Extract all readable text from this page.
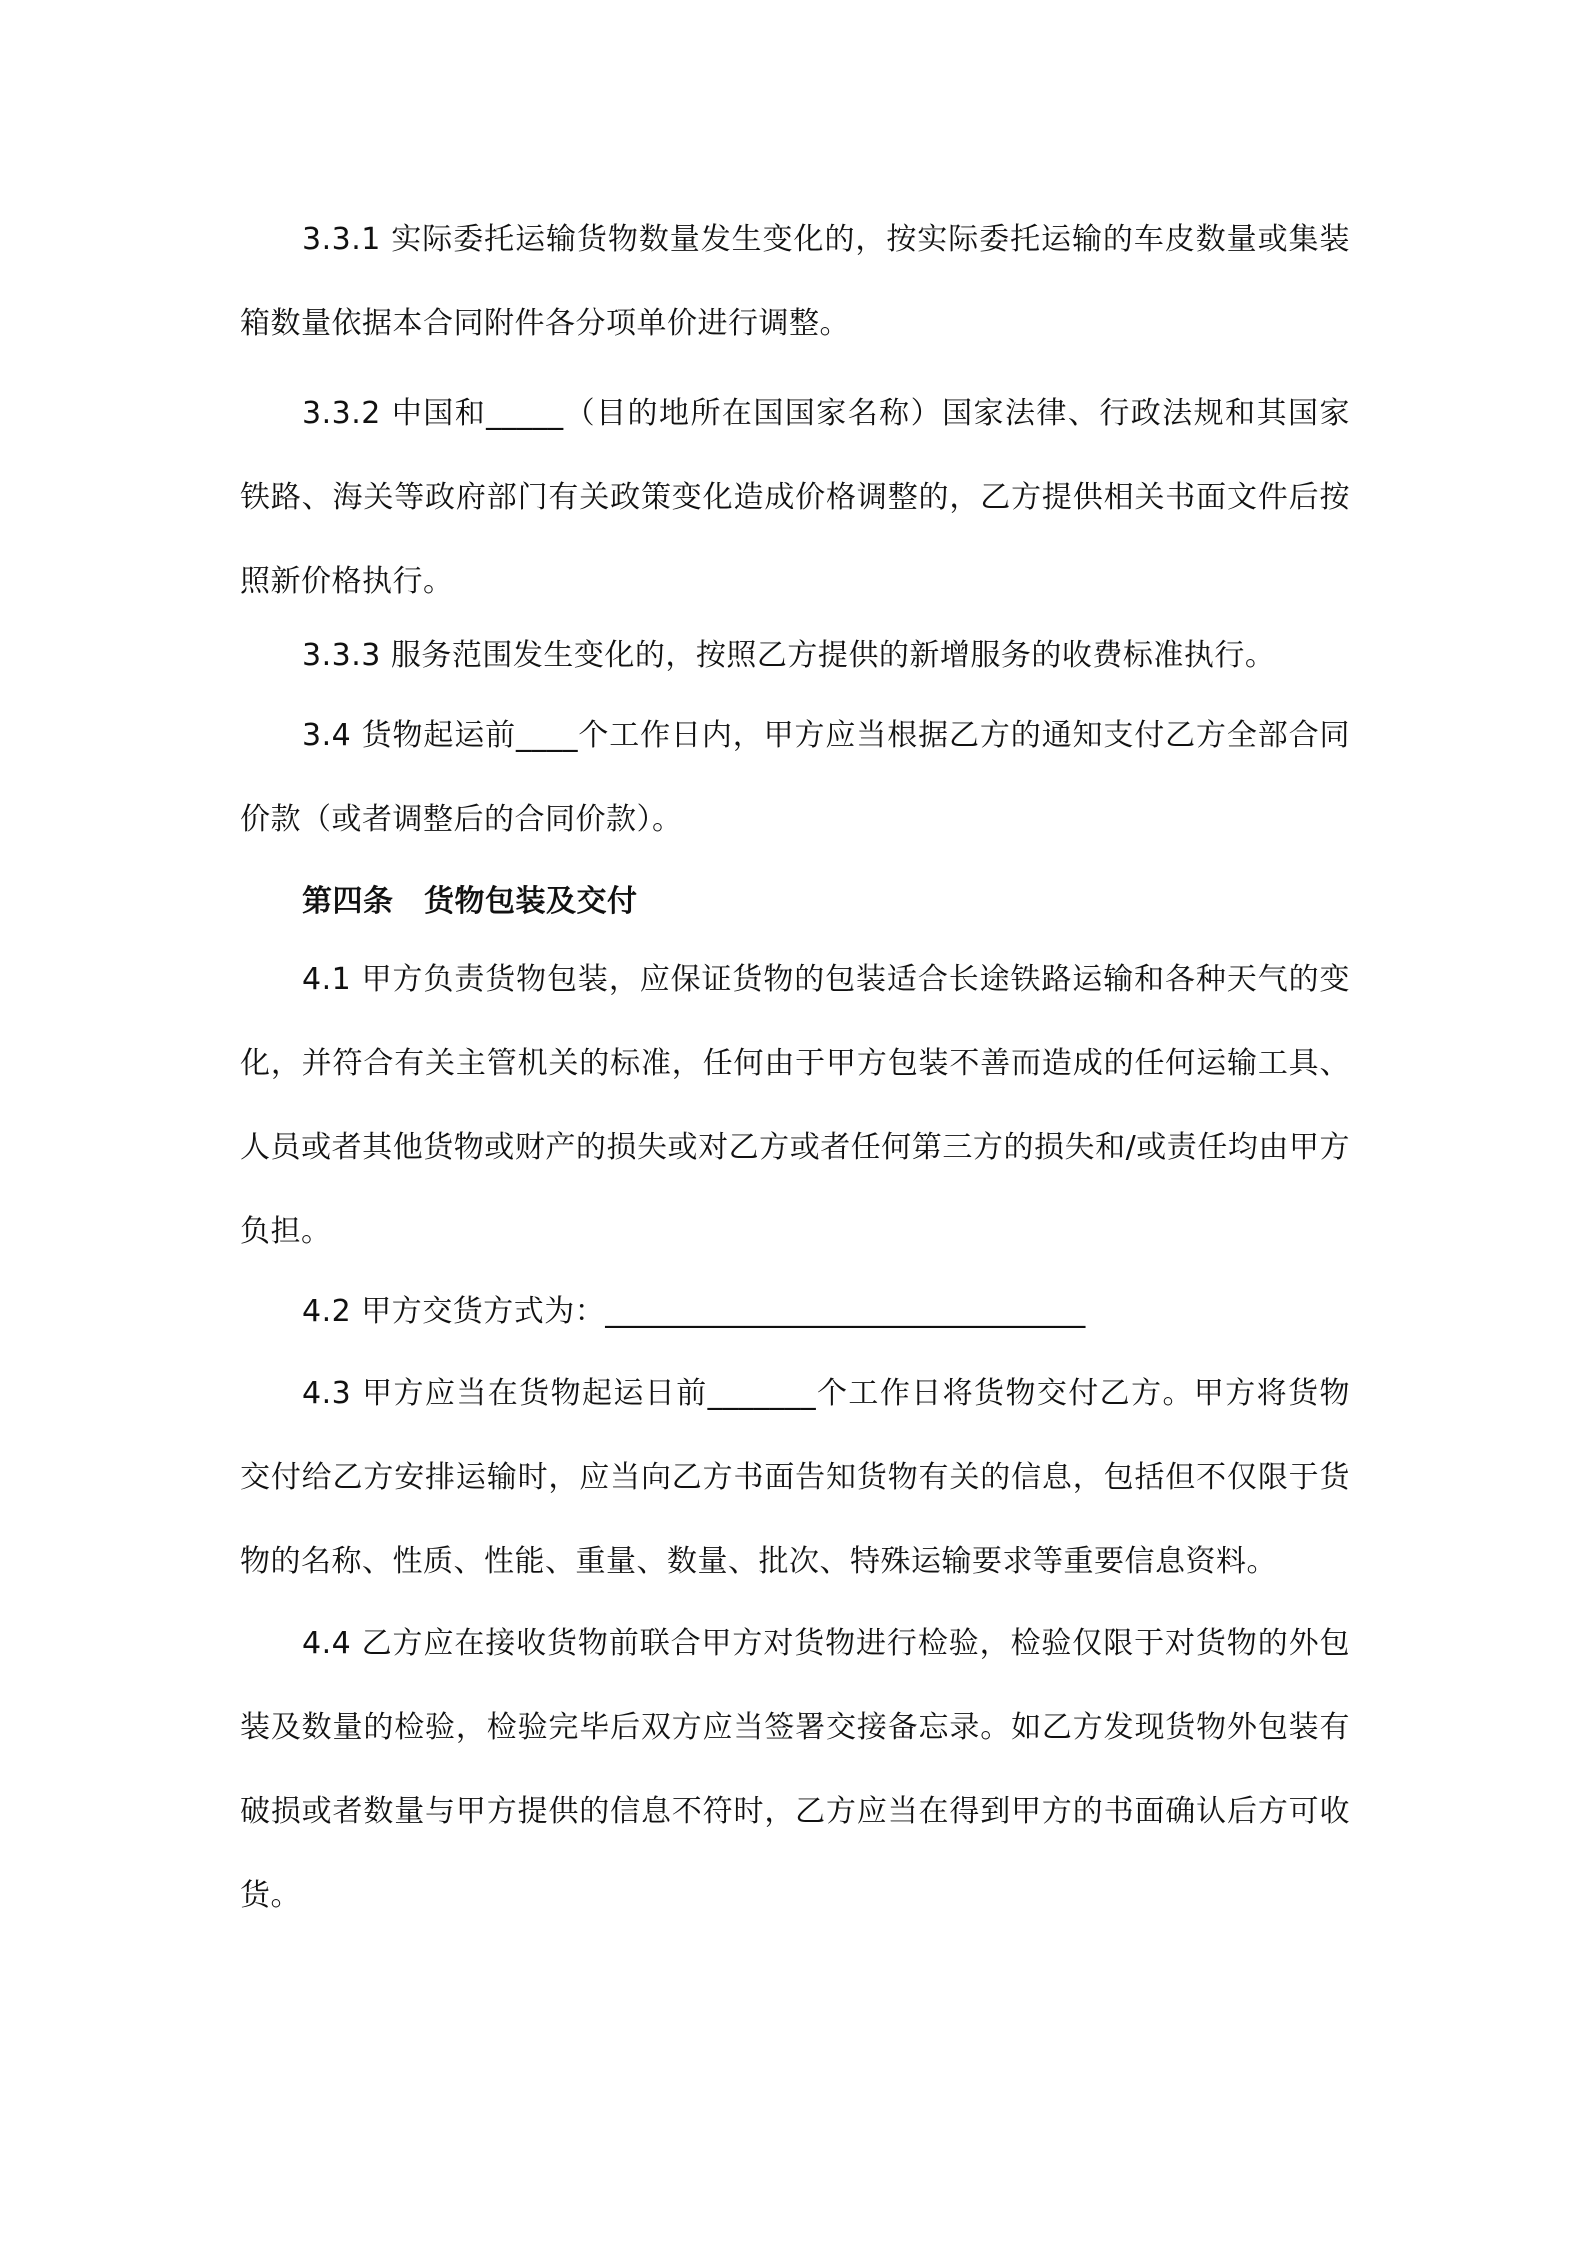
3.3.1 实际委托运输货物数量发生变化的，按实际委托运输的车皮数量或集装箱数量依据本合同附件各分项单价进行调整。

3.3.2 中国和_____（目的地所在国国家名称）国家法律、行政法规和其国家铁路、海关等政府部门有关政策变化造成价格调整的，乙方提供相关书面文件后按照新价格执行。

3.3.3 服务范围发生变化的，按照乙方提供的新增服务的收费标准执行。

3.4 货物起运前____个工作日内，甲方应当根据乙方的通知支付乙方全部合同价款（或者调整后的合同价款）。

第四条　货物包装及交付

4.1 甲方负责货物包装，应保证货物的包装适合长途铁路运输和各种天气的变化，并符合有关主管机关的标准，任何由于甲方包装不善而造成的任何运输工具、人员或者其他货物或财产的损失或对乙方或者任何第三方的损失和/或责任均由甲方负担。

4.2 甲方交货方式为：_______________________________

4.3 甲方应当在货物起运日前_______个工作日将货物交付乙方。甲方将货物交付给乙方安排运输时，应当向乙方书面告知货物有关的信息，包括但不仅限于货物的名称、性质、性能、重量、数量、批次、特殊运输要求等重要信息资料。

4.4 乙方应在接收货物前联合甲方对货物进行检验，检验仅限于对货物的外包装及数量的检验，检验完毕后双方应当签署交接备忘录。如乙方发现货物外包装有破损或者数量与甲方提供的信息不符时，乙方应当在得到甲方的书面确认后方可收货。
